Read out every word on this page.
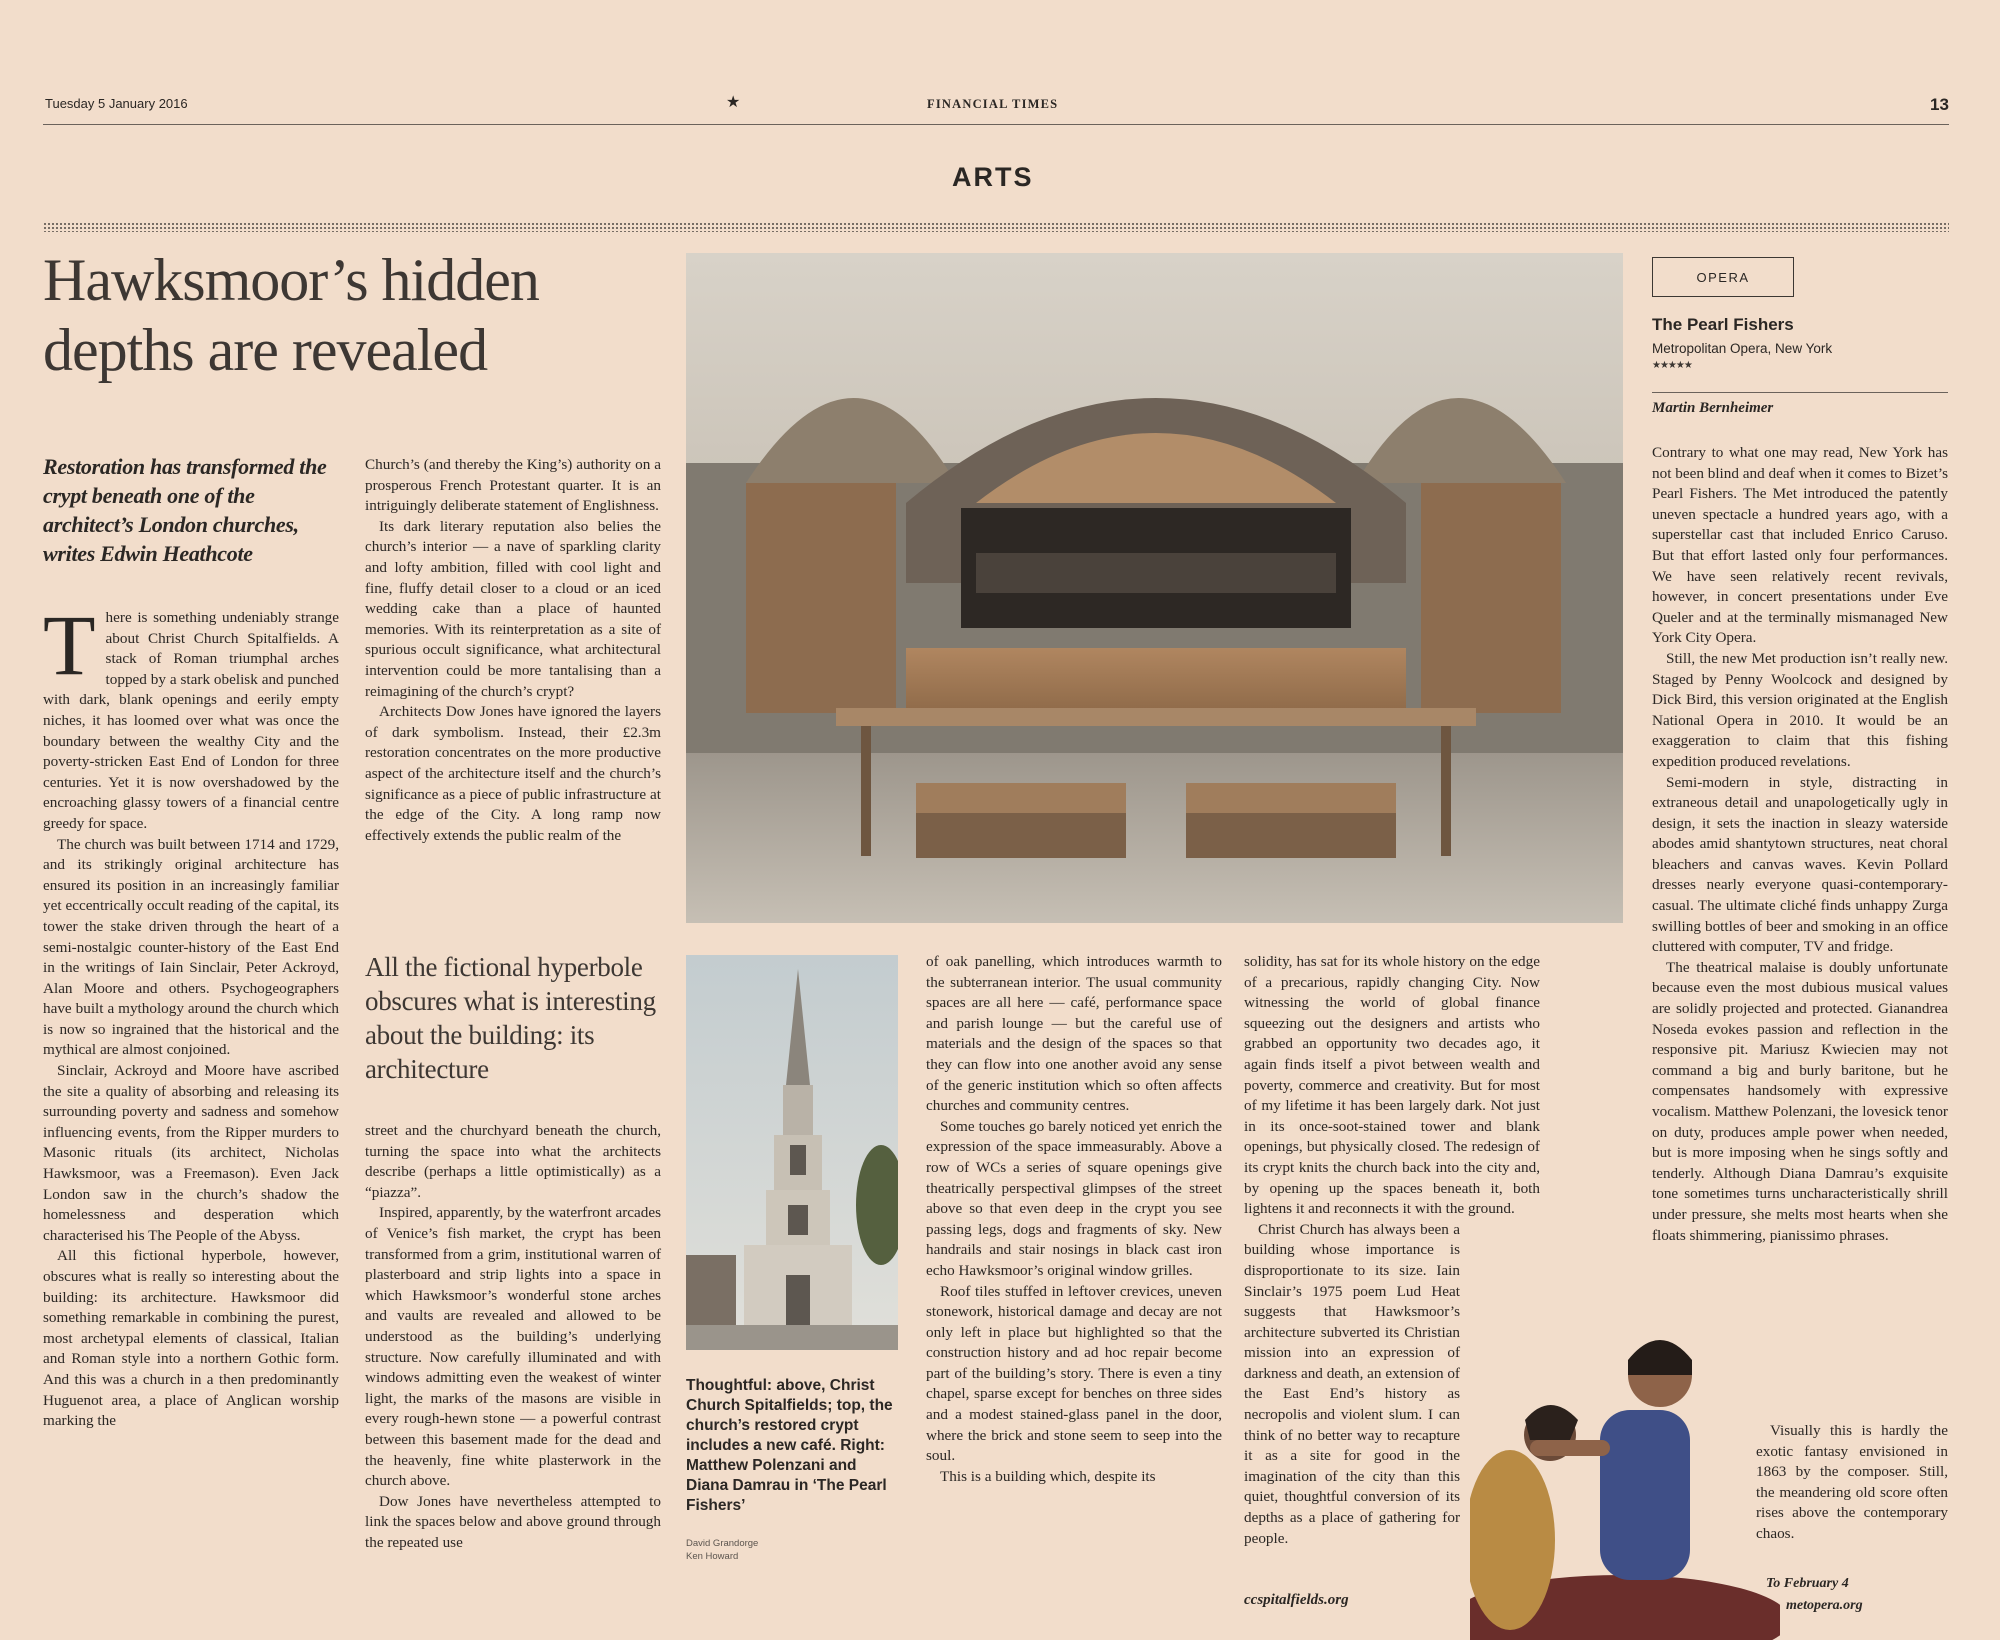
Tuesday 5 January 2016	★	FINANCIAL TIMES	13
ARTS
Hawksmoor’s hidden
depths are revealed
Restoration has transformed the crypt beneath one of the architect’s London churches, writes Edwin Heathcote

There is something undeniably strange about Christ Church Spitalfields. A stack of Roman triumphal arches topped by a stark obelisk and punched with dark, blank openings and eerily empty niches, it has loomed over what was once the boundary between the wealthy City and the poverty-stricken East End of London for three centuries. Yet it is now overshadowed by the encroaching glassy towers of a financial centre greedy for space.

The church was built between 1714 and 1729, and its strikingly original architecture has ensured its position in an increasingly familiar yet eccentrically occult reading of the capital, its tower the stake driven through the heart of a semi-nostalgic counter-history of the East End in the writings of Iain Sinclair, Peter Ackroyd, Alan Moore and others. Psychogeographers have built a mythology around the church which is now so ingrained that the historical and the mythical are almost conjoined.

Sinclair, Ackroyd and Moore have ascribed the site a quality of absorbing and releasing its surrounding poverty and sadness and somehow influencing events, from the Ripper murders to Masonic rituals (its architect, Nicholas Hawksmoor, was a Freemason). Even Jack London saw in the church’s shadow the homelessness and desperation which characterised his The People of the Abyss.

All this fictional hyperbole, however, obscures what is really so interesting about the building: its architecture. Hawksmoor did something remarkable in combining the purest, most archetypal elements of classical, Italian and Roman style into a northern Gothic form. And this was a church in a then predominantly Huguenot area, a place of Anglican worship marking the

Church’s (and thereby the King’s) authority on a prosperous French Protestant quarter. It is an intriguingly deliberate statement of Englishness.

Its dark literary reputation also belies the church’s interior — a nave of sparkling clarity and lofty ambition, filled with cool light and fine, fluffy detail closer to a cloud or an iced wedding cake than a place of haunted memories. With its reinterpretation as a site of spurious occult significance, what architectural intervention could be more tantalising than a reimagining of the church’s crypt?

Architects Dow Jones have ignored the layers of dark symbolism. Instead, their £2.3m restoration concentrates on the more productive aspect of the architecture itself and the church’s significance as a piece of public infrastructure at the edge of the City. A long ramp now effectively extends the public realm of the

All the fictional hyperbole obscures what is interesting about the building: its architecture

street and the churchyard beneath the church, turning the space into what the architects describe (perhaps a little optimistically) as a “piazza”.

Inspired, apparently, by the waterfront arcades of Venice’s fish market, the crypt has been transformed from a grim, institutional warren of plasterboard and strip lights into a space in which Hawksmoor’s wonderful stone arches and vaults are revealed and allowed to be understood as the building’s underlying structure. Now carefully illuminated and with windows admitting even the weakest of winter light, the marks of the masons are visible in every rough-hewn stone — a powerful contrast between this basement made for the dead and the heavenly, fine white plasterwork in the church above.

Dow Jones have nevertheless attempted to link the spaces below and above ground through the repeated use

Thoughtful: above, Christ Church Spitalfields; top, the church’s restored crypt includes a new café. Right: Matthew Polenzani and Diana Damrau in ‘The Pearl Fishers’
David Grandorge
Ken Howard

of oak panelling, which introduces warmth to the subterranean interior. The usual community spaces are all here — café, performance space and parish lounge — but the careful use of materials and the design of the spaces so that they can flow into one another avoid any sense of the generic institution which so often affects churches and community centres.

Some touches go barely noticed yet enrich the expression of the space immeasurably. Above a row of WCs a series of square openings give theatrically perspectival glimpses of the street above so that even deep in the crypt you see passing legs, dogs and fragments of sky. New handrails and stair nosings in black cast iron echo Hawksmoor’s original window grilles.

Roof tiles stuffed in leftover crevices, uneven stonework, historical damage and decay are not only left in place but highlighted so that the construction history and ad hoc repair become part of the building’s story. There is even a tiny chapel, sparse except for benches on three sides and a modest stained-glass panel in the door, where the brick and stone seem to seep into the soul.

This is a building which, despite its

solidity, has sat for its whole history on the edge of a precarious, rapidly changing City. Now witnessing the world of global finance squeezing out the designers and artists who grabbed an opportunity two decades ago, it again finds itself a pivot between wealth and poverty, commerce and creativity. But for most of my lifetime it has been largely dark. Not just in its once-soot-stained tower and blank openings, but physically closed. The redesign of its crypt knits the church back into the city and, by opening up the spaces beneath it, both lightens it and reconnects it with the ground.

Christ Church has always been a building whose importance is disproportionate to its size. Iain Sinclair’s 1975 poem Lud Heat suggests that Hawksmoor’s architecture subverted its Christian mission into an expression of darkness and death, an extension of the East End’s history as necropolis and violent slum. I can think of no better way to recapture it as a site for good in the imagination of the city than this quiet, thoughtful conversion of its depths as a place of gathering for people.

ccspitalfields.org
OPERA
The Pearl Fishers
Metropolitan Opera, New York
★★★★★
Martin Bernheimer

Contrary to what one may read, New York has not been blind and deaf when it comes to Bizet’s Pearl Fishers. The Met introduced the patently uneven spectacle a hundred years ago, with a superstellar cast that included Enrico Caruso. But that effort lasted only four performances. We have seen relatively recent revivals, however, in concert presentations under Eve Queler and at the terminally mismanaged New York City Opera.

Still, the new Met production isn’t really new. Staged by Penny Woolcock and designed by Dick Bird, this version originated at the English National Opera in 2010. It would be an exaggeration to claim that this fishing expedition produced revelations.

Semi-modern in style, distracting in extraneous detail and unapologetically ugly in design, it sets the inaction in sleazy waterside abodes amid shantytown structures, neat choral bleachers and canvas waves. Kevin Pollard dresses nearly everyone quasi-contemporary-casual. The ultimate cliché finds unhappy Zurga swilling bottles of beer and smoking in an office cluttered with computer, TV and fridge.

The theatrical malaise is doubly unfortunate because even the most dubious musical values are solidly projected and protected. Gianandrea Noseda evokes passion and reflection in the responsive pit. Mariusz Kwiecien may not command a big and burly baritone, but he compensates handsomely with expressive vocalism. Matthew Polenzani, the lovesick tenor on duty, produces ample power when needed, but is more imposing when he sings softly and tenderly. Although Diana Damrau’s exquisite tone sometimes turns uncharacteristically shrill under pressure, she melts most hearts when she floats shimmering, pianissimo phrases.

Visually this is hardly the exotic fantasy envisioned in 1863 by the composer. Still, the meandering old score often rises above the contemporary chaos.

To February 4
metopera.org
